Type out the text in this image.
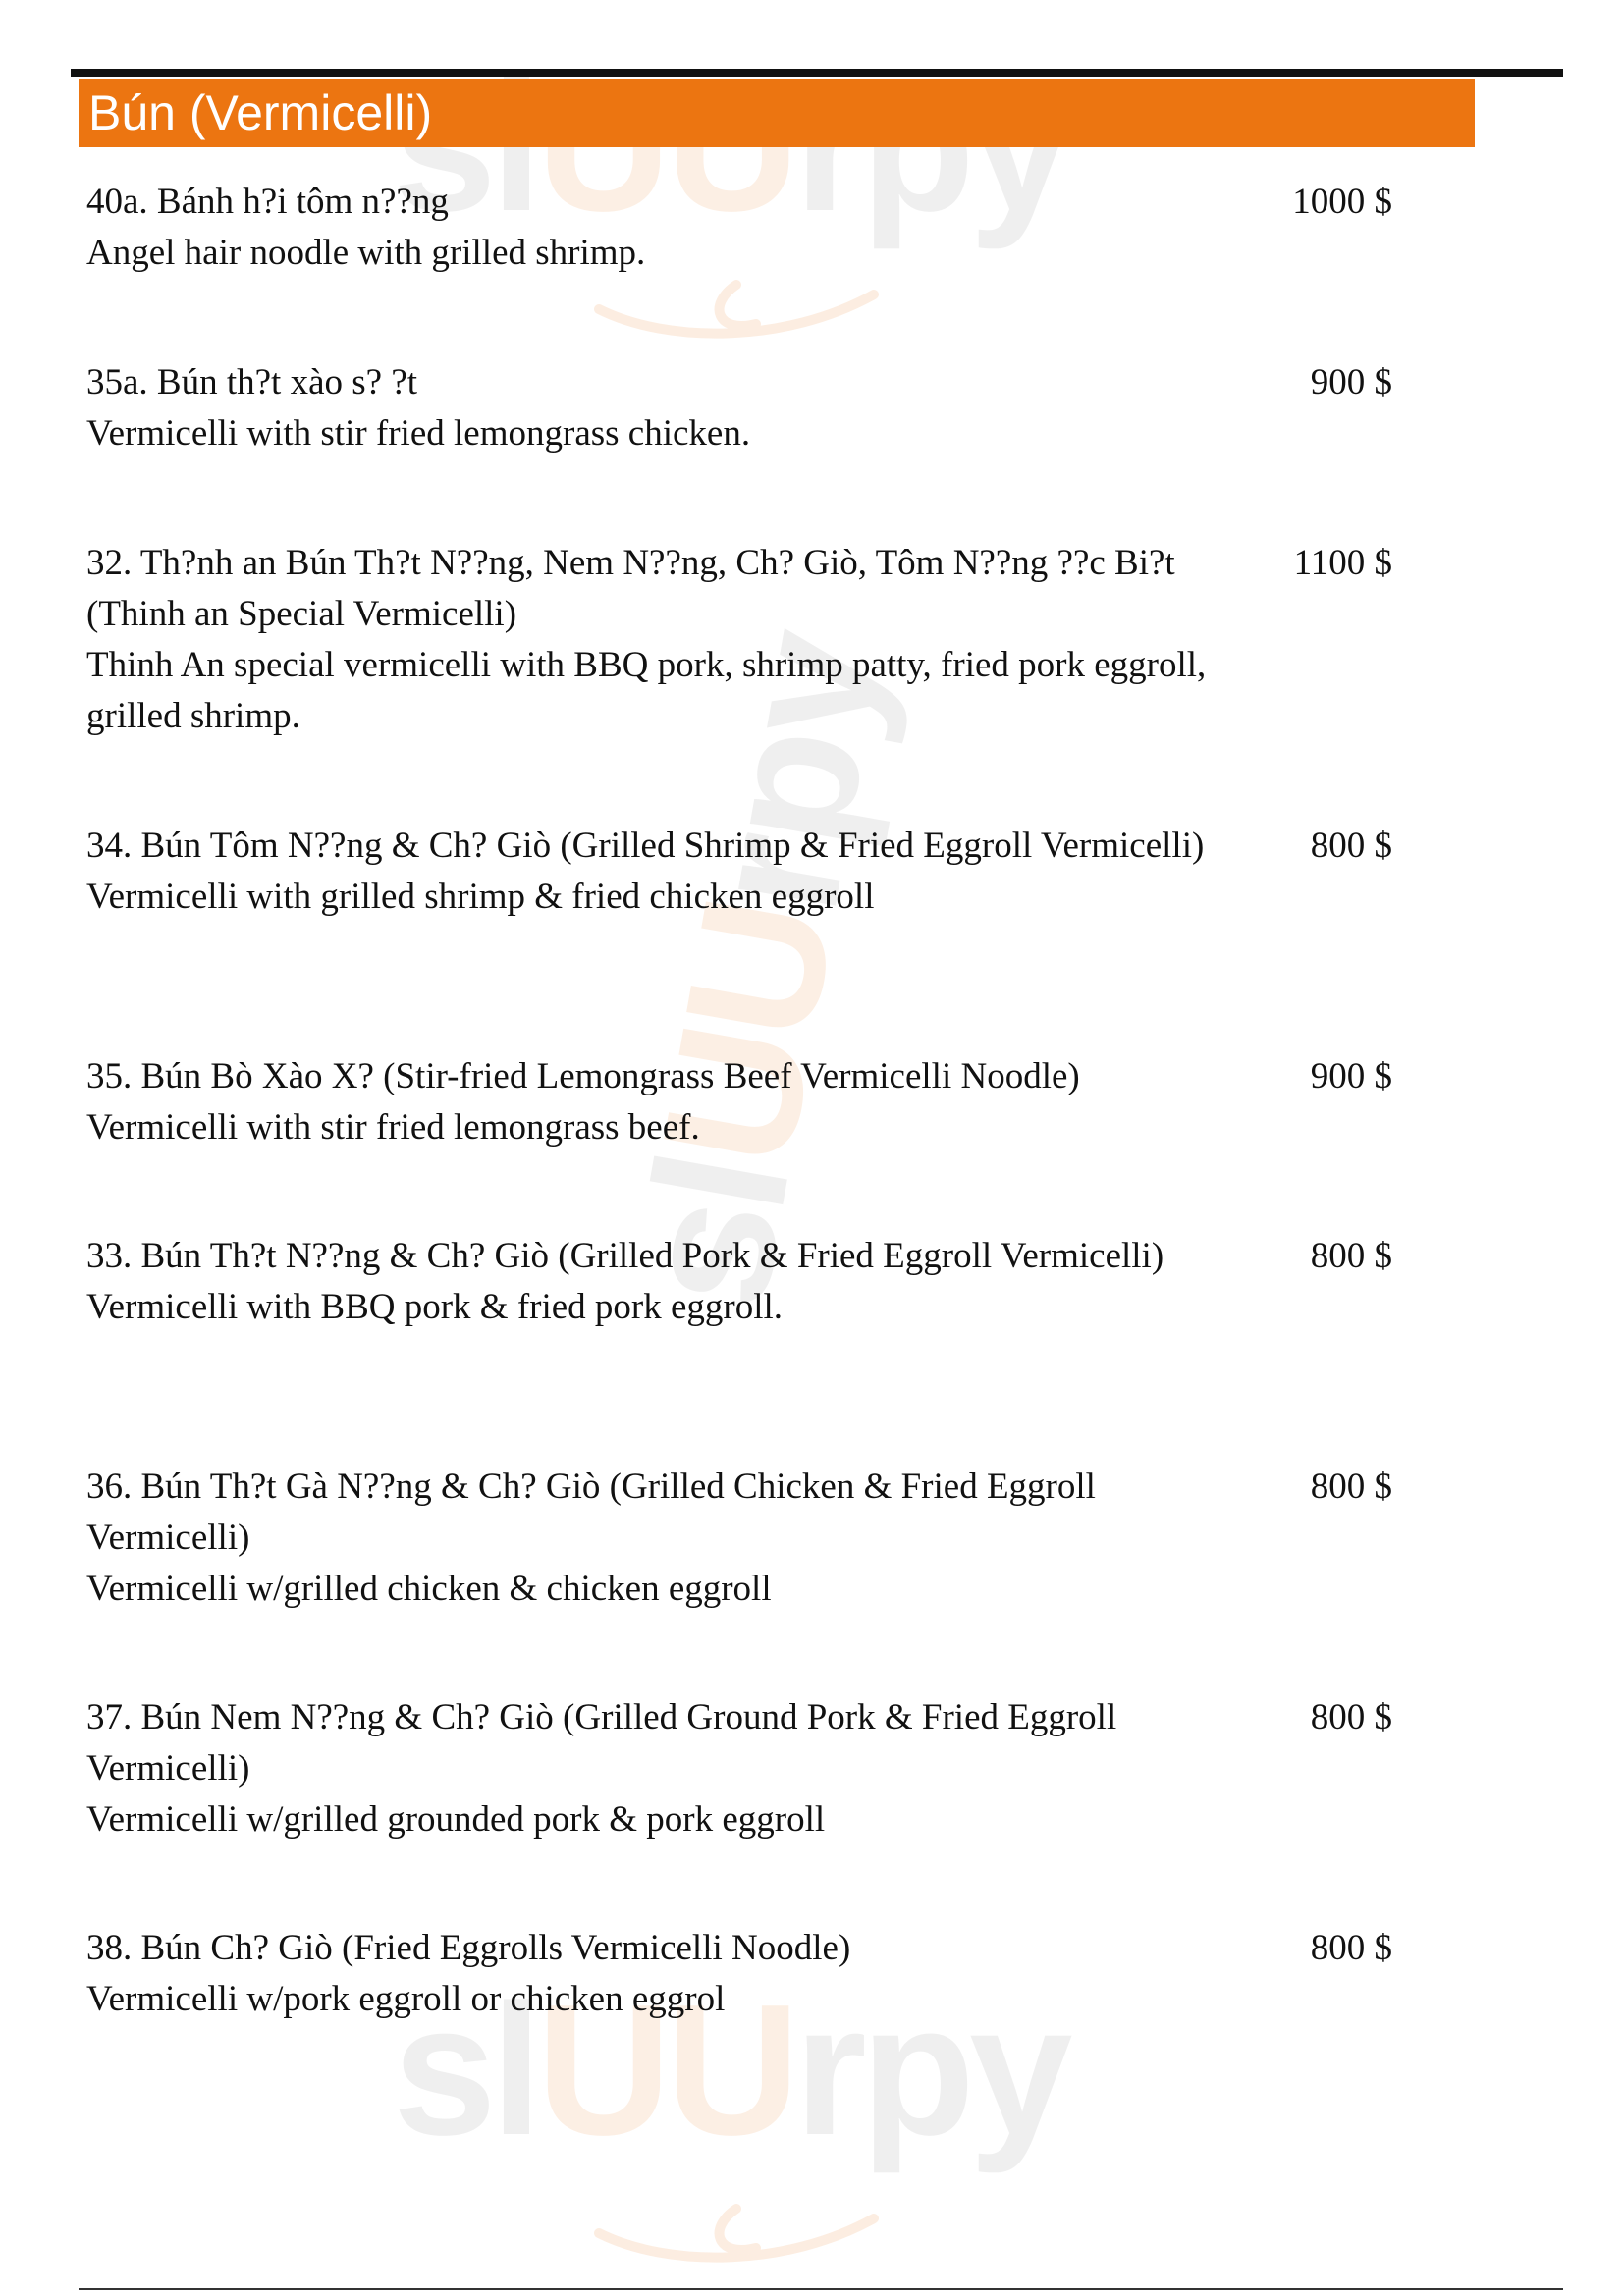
slUUrpy
slUUrpy
Bún (Vermicelli)
40a. Bánh h?i tôm n??ng
Angel hair noodle with grilled shrimp.
1000 $
35a. Bún th?t xào s? ?t
Vermicelli with stir fried lemongrass chicken.
900 $
32. Th?nh an Bún Th?t N??ng, Nem N??ng, Ch? Giò, Tôm N??ng ??c Bi?t (Thinh an Special Vermicelli)
Thinh An special vermicelli with BBQ pork, shrimp patty, fried pork eggroll, grilled shrimp.
1100 $
34. Bún Tôm N??ng & Ch? Giò (Grilled Shrimp & Fried Eggroll Vermicelli)
Vermicelli with grilled shrimp & fried chicken eggroll
800 $
35. Bún Bò Xào X? (Stir-fried Lemongrass Beef Vermicelli Noodle)
Vermicelli with stir fried lemongrass beef.
900 $
33. Bún Th?t N??ng & Ch? Giò (Grilled Pork & Fried Eggroll Vermicelli)
Vermicelli with BBQ pork & fried pork eggroll.
800 $
36. Bún Th?t Gà N??ng & Ch? Giò (Grilled Chicken & Fried Eggroll Vermicelli)
Vermicelli w/grilled chicken & chicken eggroll
800 $
37. Bún Nem N??ng & Ch? Giò (Grilled Ground Pork & Fried Eggroll Vermicelli)
Vermicelli w/grilled grounded pork & pork eggroll
800 $
38. Bún Ch? Giò (Fried Eggrolls Vermicelli Noodle)
Vermicelli w/pork eggroll or chicken eggrol
800 $
